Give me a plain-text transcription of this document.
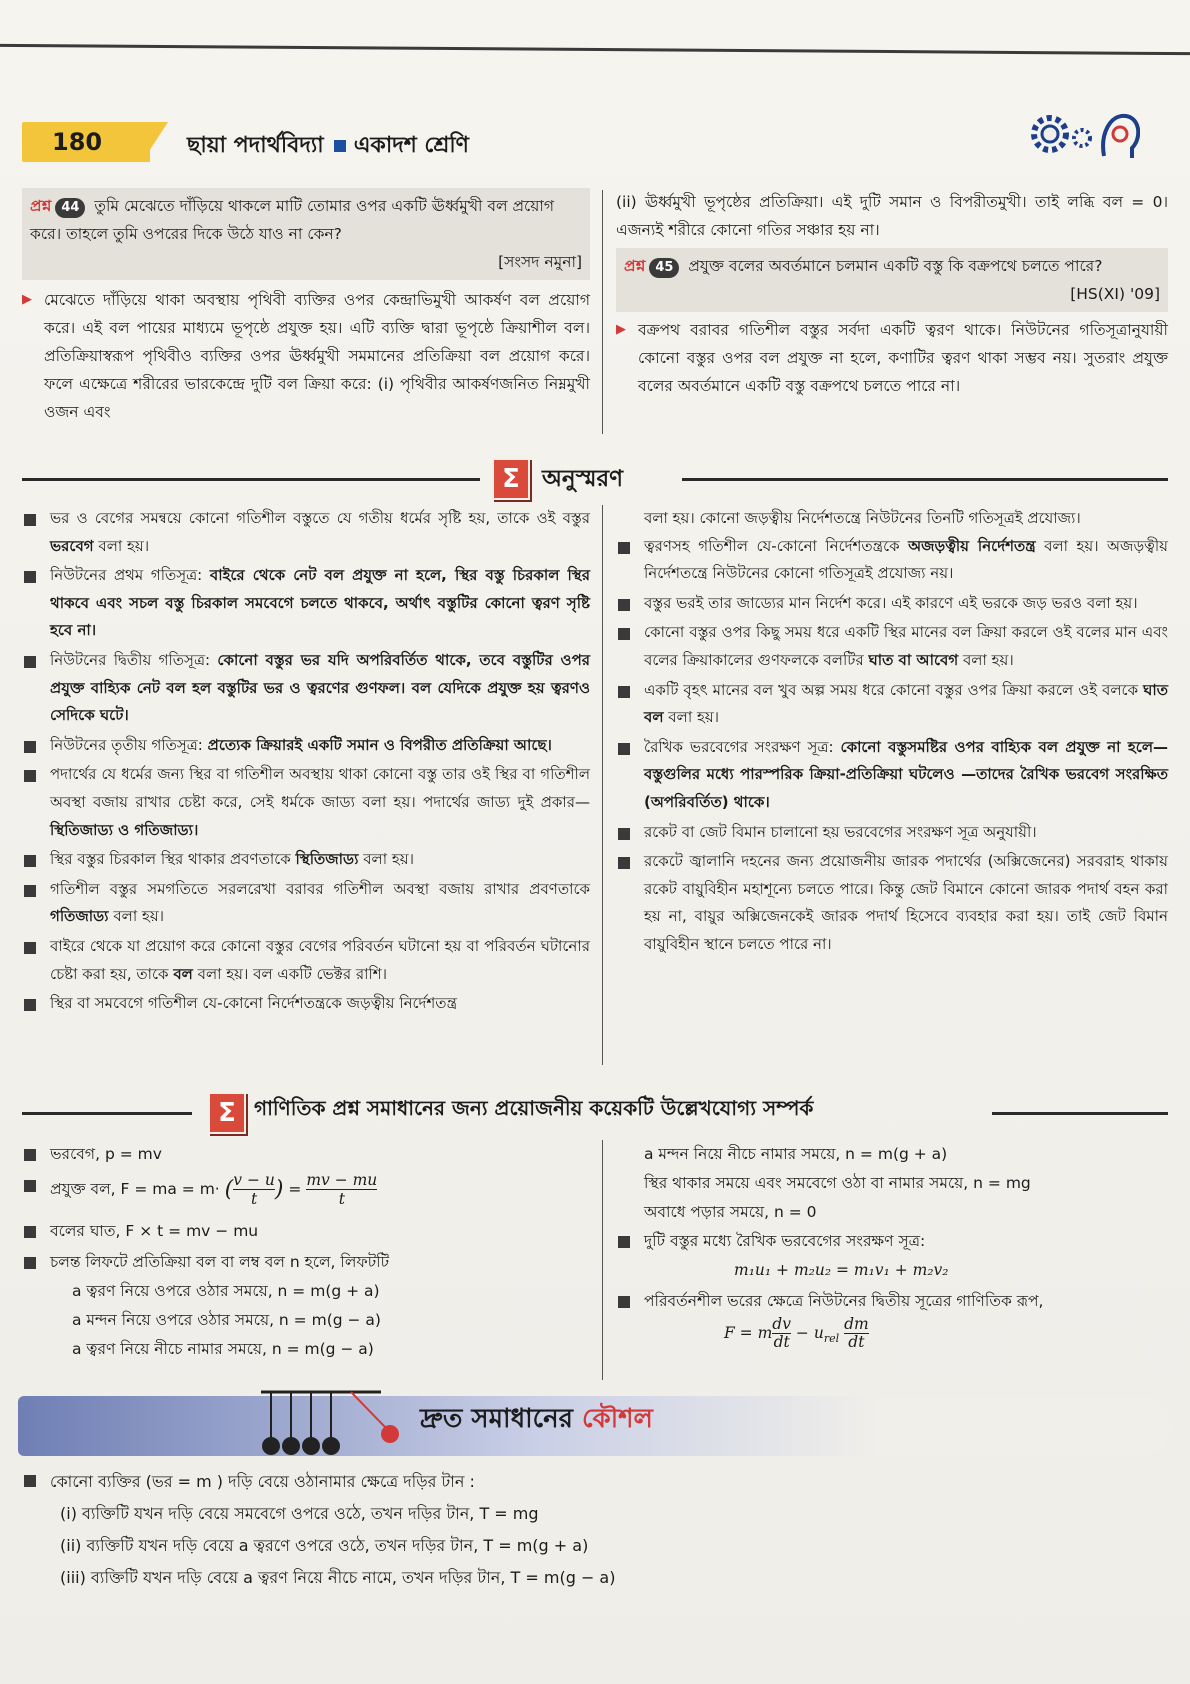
180	ছায়া পদার্থবিদ্যা একাদশ শ্রেণি
প্রশ্ন 44 তুমি মেঝেতে দাঁড়িয়ে থাকলে মাটি তোমার ওপর একটি ঊর্ধ্বমুখী বল প্রয়োগ করে। তাহলে তুমি ওপরের দিকে উঠে যাও না কেন?
[সংসদ নমুনা]
▶ মেঝেতে দাঁড়িয়ে থাকা অবস্থায় পৃথিবী ব্যক্তির ওপর কেন্দ্রাভিমুখী আকর্ষণ বল প্রয়োগ করে। এই বল পায়ের মাধ্যমে ভূপৃষ্ঠে প্রযুক্ত হয়। এটি ব্যক্তি দ্বারা ভূপৃষ্ঠে ক্রিয়াশীল বল। প্রতিক্রিয়াস্বরূপ পৃথিবীও ব্যক্তির ওপর ঊর্ধ্বমুখী সমমানের প্রতিক্রিয়া বল প্রয়োগ করে। ফলে এক্ষেত্রে শরীরের ভারকেন্দ্রে দুটি বল ক্রিয়া করে: (i) পৃথিবীর আকর্ষণজনিত নিম্নমুখী ওজন এবং
(ii) ঊর্ধ্বমুখী ভূপৃষ্ঠের প্রতিক্রিয়া। এই দুটি সমান ও বিপরীতমুখী। তাই লব্ধি বল = 0। এজন্যই শরীরে কোনো গতির সঞ্চার হয় না।
প্রশ্ন 45 প্রযুক্ত বলের অবর্তমানে চলমান একটি বস্তু কি বক্রপথে চলতে পারে?
[HS(XI) '09]
▶ বক্রপথ বরাবর গতিশীল বস্তুর সর্বদা একটি ত্বরণ থাকে। নিউটনের গতিসূত্রানুযায়ী কোনো বস্তুর ওপর বল প্রযুক্ত না হলে, কণাটির ত্বরণ থাকা সম্ভব নয়। সুতরাং প্রযুক্ত বলের অবর্তমানে একটি বস্তু বক্রপথে চলতে পারে না।
Σ অনুস্মরণ
ভর ও বেগের সমন্বয়ে কোনো গতিশীল বস্তুতে যে গতীয় ধর্মের সৃষ্টি হয়, তাকে ওই বস্তুর ভরবেগ বলা হয়।
নিউটনের প্রথম গতিসূত্র: বাইরে থেকে নেট বল প্রযুক্ত না হলে, স্থির বস্তু চিরকাল স্থির থাকবে এবং সচল বস্তু চিরকাল সমবেগে চলতে থাকবে, অর্থাৎ বস্তুটির কোনো ত্বরণ সৃষ্টি হবে না।
নিউটনের দ্বিতীয় গতিসূত্র: কোনো বস্তুর ভর যদি অপরিবর্তিত থাকে, তবে বস্তুটির ওপর প্রযুক্ত বাহ্যিক নেট বল হল বস্তুটির ভর ও ত্বরণের গুণফল। বল যেদিকে প্রযুক্ত হয় ত্বরণও সেদিকে ঘটে।
নিউটনের তৃতীয় গতিসূত্র: প্রত্যেক ক্রিয়ারই একটি সমান ও বিপরীত প্রতিক্রিয়া আছে।
পদার্থের যে ধর্মের জন্য স্থির বা গতিশীল অবস্থায় থাকা কোনো বস্তু তার ওই স্থির বা গতিশীল অবস্থা বজায় রাখার চেষ্টা করে, সেই ধর্মকে জাড্য বলা হয়। পদার্থের জাড্য দুই প্রকার—স্থিতিজাড্য ও গতিজাড্য।
স্থির বস্তুর চিরকাল স্থির থাকার প্রবণতাকে স্থিতিজাড্য বলা হয়।
গতিশীল বস্তুর সমগতিতে সরলরেখা বরাবর গতিশীল অবস্থা বজায় রাখার প্রবণতাকে গতিজাড্য বলা হয়।
বাইরে থেকে যা প্রয়োগ করে কোনো বস্তুর বেগের পরিবর্তন ঘটানো হয় বা পরিবর্তন ঘটানোর চেষ্টা করা হয়, তাকে বল বলা হয়। বল একটি ভেক্টর রাশি।
স্থির বা সমবেগে গতিশীল যে-কোনো নির্দেশতন্ত্রকে জড়ত্বীয় নির্দেশতন্ত্র
বলা হয়। কোনো জড়ত্বীয় নির্দেশতন্ত্রে নিউটনের তিনটি গতিসূত্রই প্রযোজ্য।
ত্বরণসহ গতিশীল যে-কোনো নির্দেশতন্ত্রকে অজড়ত্বীয় নির্দেশতন্ত্র বলা হয়। অজড়ত্বীয় নির্দেশতন্ত্রে নিউটনের কোনো গতিসূত্রই প্রযোজ্য নয়।
বস্তুর ভরই তার জাড্যের মান নির্দেশ করে। এই কারণে এই ভরকে জড় ভরও বলা হয়।
কোনো বস্তুর ওপর কিছু সময় ধরে একটি স্থির মানের বল ক্রিয়া করলে ওই বলের মান এবং বলের ক্রিয়াকালের গুণফলকে বলটির ঘাত বা আবেগ বলা হয়।
একটি বৃহৎ মানের বল খুব অল্প সময় ধরে কোনো বস্তুর ওপর ক্রিয়া করলে ওই বলকে ঘাত বল বলা হয়।
রৈখিক ভরবেগের সংরক্ষণ সূত্র: কোনো বস্তুসমষ্টির ওপর বাহ্যিক বল প্রযুক্ত না হলে—বস্তুগুলির মধ্যে পারস্পরিক ক্রিয়া-প্রতিক্রিয়া ঘটলেও —তাদের রৈখিক ভরবেগ সংরক্ষিত (অপরিবর্তিত) থাকে।
রকেট বা জেট বিমান চালানো হয় ভরবেগের সংরক্ষণ সূত্র অনুযায়ী।
রকেটে জ্বালানি দহনের জন্য প্রয়োজনীয় জারক পদার্থের (অক্সিজেনের) সরবরাহ থাকায় রকেট বায়ুবিহীন মহাশূন্যে চলতে পারে। কিন্তু জেট বিমানে কোনো জারক পদার্থ বহন করা হয় না, বায়ুর অক্সিজেনকেই জারক পদার্থ হিসেবে ব্যবহার করা হয়। তাই জেট বিমান বায়ুবিহীন স্থানে চলতে পারে না।
Σ গাণিতিক প্রশ্ন সমাধানের জন্য প্রয়োজনীয় কয়েকটি উল্লেখযোগ্য সম্পর্ক
ভরবেগ, p = mv
প্রযুক্ত বল, F = ma = m· ( $\frac{v - u}{t}$ ) = $\frac{mv - mu}{t}$
বলের ঘাত, F × t = mv − mu
চলন্ত লিফটে প্রতিক্রিয়া বল বা লম্ব বল n হলে, লিফটটি
a ত্বরণ নিয়ে ওপরে ওঠার সময়ে, n = m(g + a)
a মন্দন নিয়ে ওপরে ওঠার সময়ে, n = m(g − a)
a ত্বরণ নিয়ে নীচে নামার সময়ে, n = m(g − a)
a মন্দন নিয়ে নীচে নামার সময়ে, n = m(g + a)
স্থির থাকার সময়ে এবং সমবেগে ওঠা বা নামার সময়ে, n = mg
অবাধে পড়ার সময়ে, n = 0
দুটি বস্তুর মধ্যে রৈখিক ভরবেগের সংরক্ষণ সূত্র:
m₁u₁ + m₂u₂ = m₁v₁ + m₂v₂
পরিবর্তনশীল ভরের ক্ষেত্রে নিউটনের দ্বিতীয় সূত্রের গাণিতিক রূপ,
F = m $\frac{dv}{dt} - u_{rel} \frac{dm}{dt}$
দ্রুত সমাধানের কৌশল
কোনো ব্যক্তির (ভর = m ) দড়ি বেয়ে ওঠানামার ক্ষেত্রে দড়ির টান :
(i) ব্যক্তিটি যখন দড়ি বেয়ে সমবেগে ওপরে ওঠে, তখন দড়ির টান, T = mg
(ii) ব্যক্তিটি যখন দড়ি বেয়ে a ত্বরণে ওপরে ওঠে, তখন দড়ির টান, T = m(g + a)
(iii) ব্যক্তিটি যখন দড়ি বেয়ে a ত্বরণ নিয়ে নীচে নামে, তখন দড়ির টান, T = m(g − a)
